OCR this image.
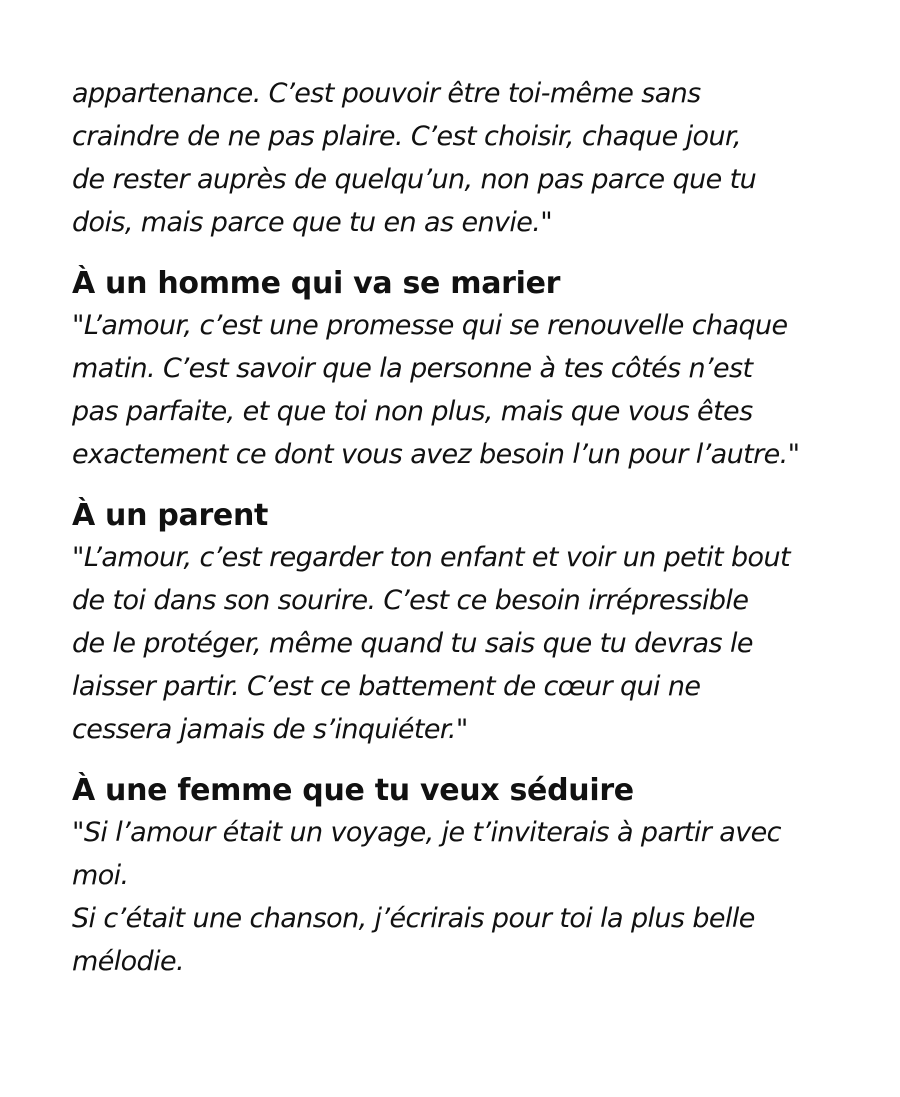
appartenance. C’est pouvoir être toi-même sans
craindre de ne pas plaire. C’est choisir, chaque jour,
de rester auprès de quelqu’un, non pas parce que tu
dois, mais parce que tu en as envie."

À un homme qui va se marier

"L’amour, c’est une promesse qui se renouvelle chaque
matin. C’est savoir que la personne à tes côtés n’est
pas parfaite, et que toi non plus, mais que vous êtes
exactement ce dont vous avez besoin l’un pour l’autre."

À un parent

"L’amour, c’est regarder ton enfant et voir un petit bout
de toi dans son sourire. C’est ce besoin irrépressible
de le protéger, même quand tu sais que tu devras le
laisser partir. C’est ce battement de cœur qui ne
cessera jamais de s’inquiéter."

À une femme que tu veux séduire

"Si l’amour était un voyage, je t’inviterais à partir avec
moi.
Si c’était une chanson, j’écrirais pour toi la plus belle
mélodie.
